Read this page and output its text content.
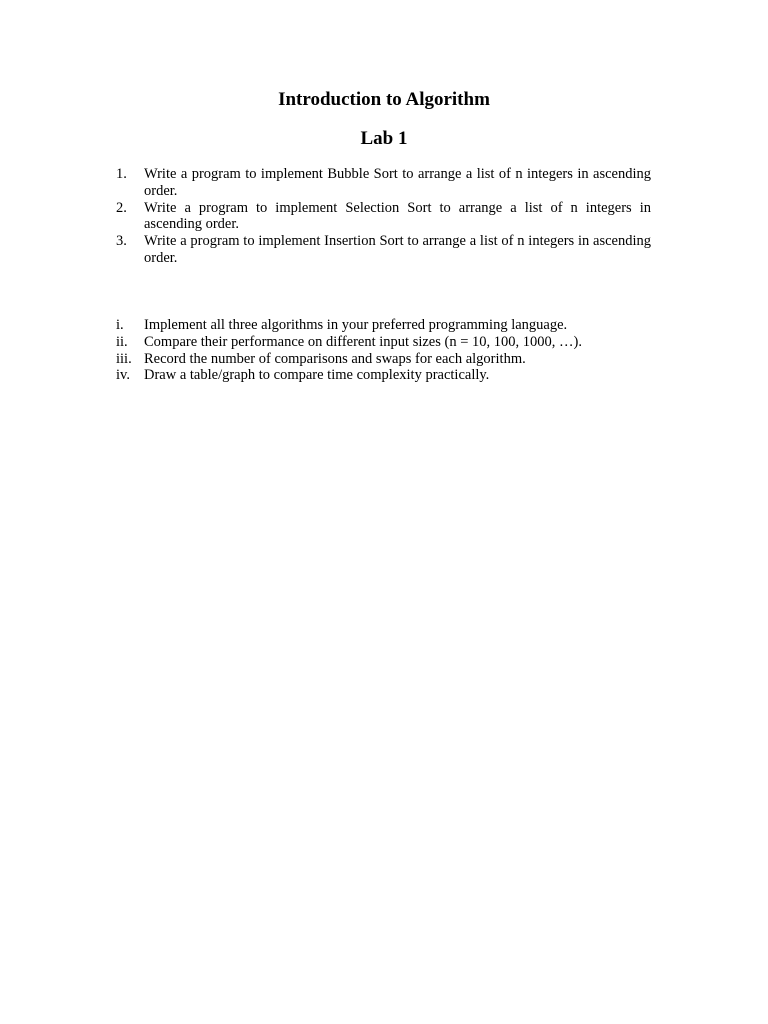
Introduction to Algorithm
Lab 1
1.	Write a program to implement Bubble Sort to arrange a list of n integers in ascending order.
2.	Write a program to implement Selection Sort to arrange a list of n integers in ascending order.
3.	Write a program to implement Insertion Sort to arrange a list of n integers in ascending order.
i.	Implement all three algorithms in your preferred programming language.
ii.	Compare their performance on different input sizes (n = 10, 100, 1000, …).
iii. Record the number of comparisons and swaps for each algorithm.
iv. Draw a table/graph to compare time complexity practically.
